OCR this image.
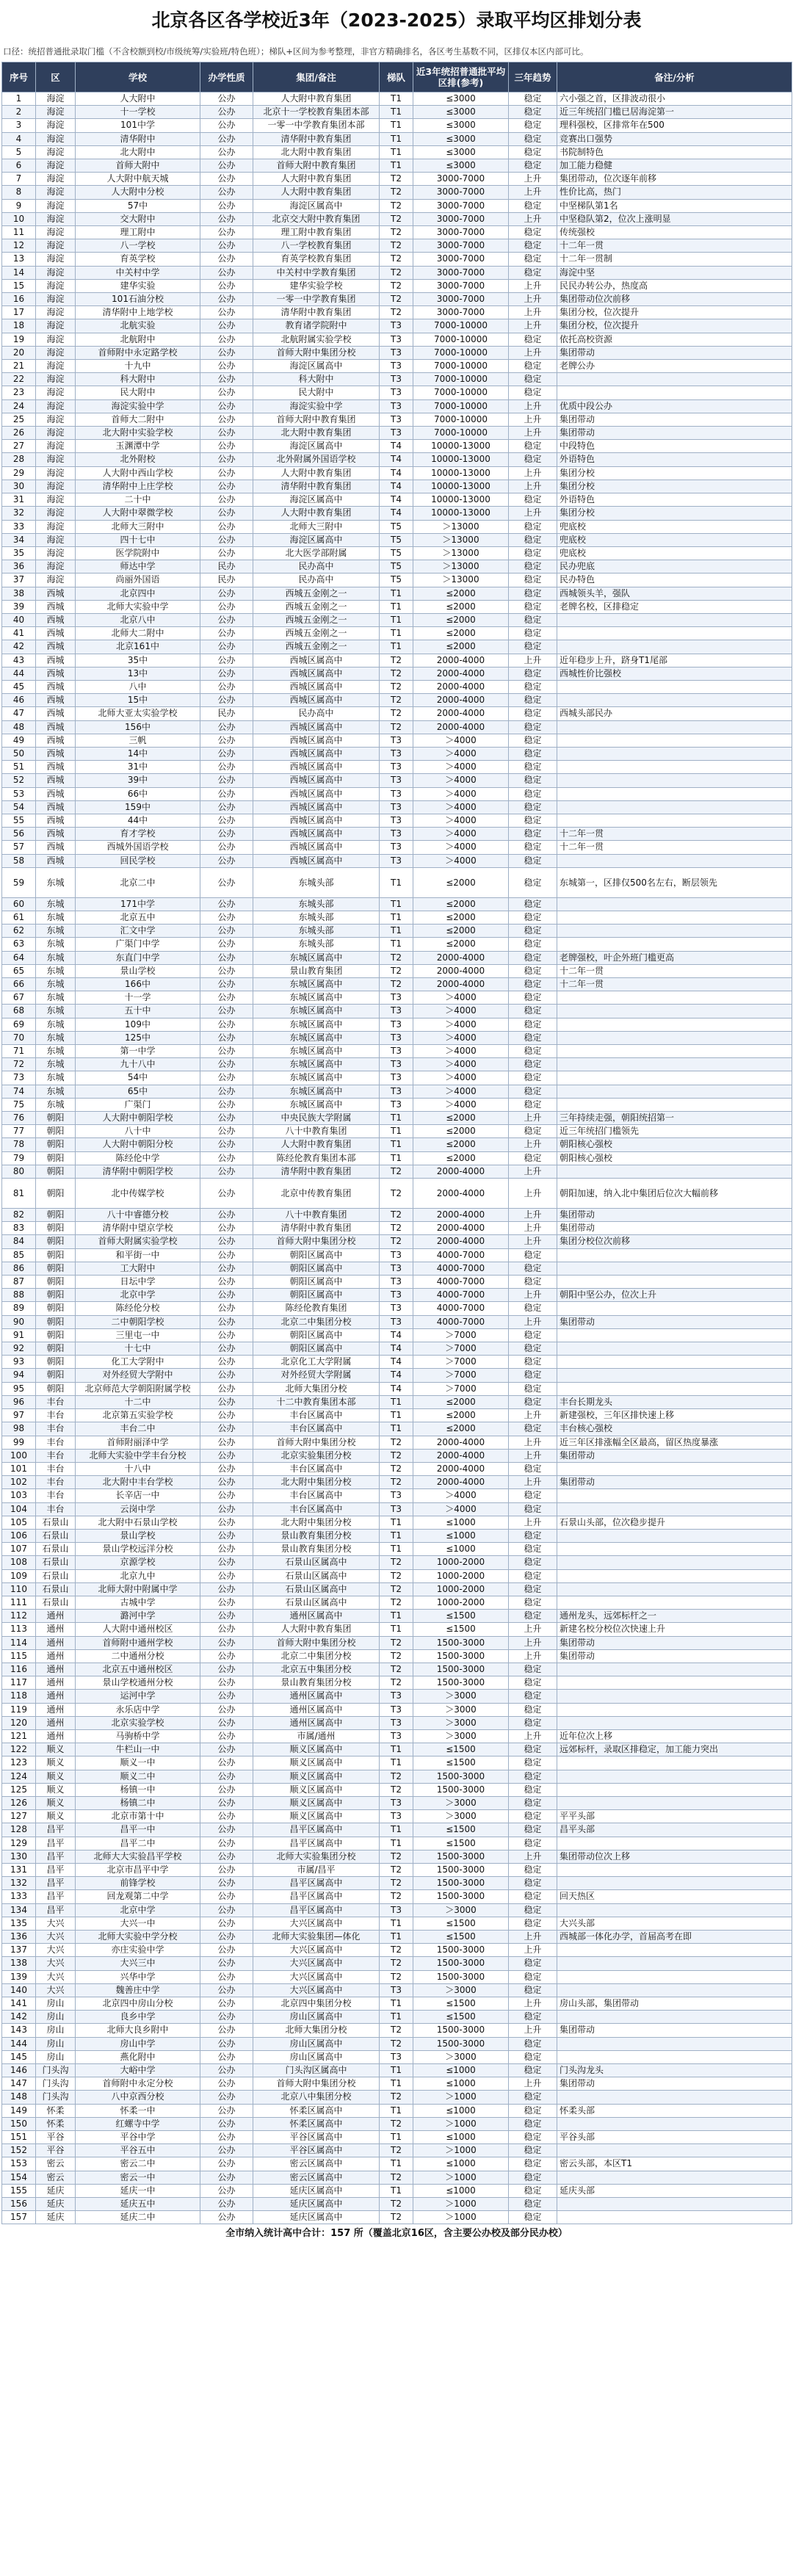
北京各区各学校近3年（2023-2025）录取平均区排划分表
口径：统招普通批录取门槛（不含校额到校/市级统筹/实验班/特色班）；梯队+区间为参考整理，非官方精确排名，各区考生基数不同，区排仅本区内部可比。
序号	区	学校	办学性质	集团/备注	梯队	近3年统招普通批平均区排(参考)	三年趋势	备注/分析
1	海淀	人大附中	公办	人大附中教育集团	T1	≤3000	稳定	六小强之首，区排波动很小
2	海淀	十一学校	公办	北京十一学校教育集团本部	T1	≤3000	稳定	近三年统招门槛已居海淀第一
3	海淀	101中学	公办	一零一中学教育集团本部	T1	≤3000	稳定	理科强校，区排常年在500
4	海淀	清华附中	公办	清华附中教育集团	T1	≤3000	稳定	竞赛出口强势
5	海淀	北大附中	公办	北大附中教育集团	T1	≤3000	稳定	书院制特色
6	海淀	首师大附中	公办	首师大附中教育集团	T1	≤3000	稳定	加工能力稳健
7	海淀	人大附中航天城	公办	人大附中教育集团	T2	3000-7000	上升	集团带动，位次逐年前移
8	海淀	人大附中分校	公办	人大附中教育集团	T2	3000-7000	上升	性价比高，热门
9	海淀	57中	公办	海淀区属高中	T2	3000-7000	稳定	中坚梯队第1名
10	海淀	交大附中	公办	北京交大附中教育集团	T2	3000-7000	上升	中坚稳队第2，位次上涨明显
11	海淀	理工附中	公办	理工附中教育集团	T2	3000-7000	稳定	传统强校
12	海淀	八一学校	公办	八一学校教育集团	T2	3000-7000	稳定	十二年一贯
13	海淀	育英学校	公办	育英学校教育集团	T2	3000-7000	稳定	十二年一贯制
14	海淀	中关村中学	公办	中关村中学教育集团	T2	3000-7000	稳定	海淀中坚
15	海淀	建华实验	公办	建华实验学校	T2	3000-7000	上升	民民办转公办，热度高
16	海淀	101石油分校	公办	一零一中学教育集团	T2	3000-7000	上升	集团带动位次前移
17	海淀	清华附中上地学校	公办	清华附中教育集团	T2	3000-7000	上升	集团分校，位次提升
18	海淀	北航实验	公办	教育诸学院附中	T3	7000-10000	上升	集团分校，位次提升
19	海淀	北航附中	公办	北航附属实验学校	T3	7000-10000	稳定	依托高校资源
20	海淀	首师附中永定路学校	公办	首师大附中集团分校	T3	7000-10000	上升	集团带动
21	海淀	十九中	公办	海淀区属高中	T3	7000-10000	稳定	老牌公办
22	海淀	科大附中	公办	科大附中	T3	7000-10000	稳定	
23	海淀	民大附中	公办	民大附中	T3	7000-10000	稳定	
24	海淀	海淀实验中学	公办	海淀实验中学	T3	7000-10000	上升	优质中段公办
25	海淀	首师大二附中	公办	首师大附中教育集团	T3	7000-10000	上升	集团带动
26	海淀	北大附中实验学校	公办	北大附中教育集团	T3	7000-10000	上升	集团带动
27	海淀	玉渊潭中学	公办	海淀区属高中	T4	10000-13000	稳定	中段特色
28	海淀	北外附校	公办	北外附属外国语学校	T4	10000-13000	稳定	外语特色
29	海淀	人大附中西山学校	公办	人大附中教育集团	T4	10000-13000	上升	集团分校
30	海淀	清华附中上庄学校	公办	清华附中教育集团	T4	10000-13000	上升	集团分校
31	海淀	二十中	公办	海淀区属高中	T4	10000-13000	稳定	外语特色
32	海淀	人大附中翠微学校	公办	人大附中教育集团	T4	10000-13000	上升	集团分校
33	海淀	北师大三附中	公办	北师大三附中	T5	＞13000	稳定	兜底校
34	海淀	四十七中	公办	海淀区属高中	T5	＞13000	稳定	兜底校
35	海淀	医学院附中	公办	北大医学部附属	T5	＞13000	稳定	兜底校
36	海淀	师达中学	民办	民办高中	T5	＞13000	稳定	民办兜底
37	海淀	尚丽外国语	民办	民办高中	T5	＞13000	稳定	民办特色
38	西城	北京四中	公办	西城五金刚之一	T1	≤2000	稳定	西城领头羊，强队
39	西城	北师大实验中学	公办	西城五金刚之一	T1	≤2000	稳定	老牌名校，区排稳定
40	西城	北京八中	公办	西城五金刚之一	T1	≤2000	稳定	
41	西城	北师大二附中	公办	西城五金刚之一	T1	≤2000	稳定	
42	西城	北京161中	公办	西城五金刚之一	T1	≤2000	稳定	
43	西城	35中	公办	西城区属高中	T2	2000-4000	上升	近年稳步上升，跻身T1尾部
44	西城	13中	公办	西城区属高中	T2	2000-4000	稳定	西城性价比强校
45	西城	八中	公办	西城区属高中	T2	2000-4000	稳定	
46	西城	15中	公办	西城区属高中	T2	2000-4000	稳定	
47	西城	北师大亚太实验学校	民办	民办高中	T2	2000-4000	稳定	西城头部民办
48	西城	156中	公办	西城区属高中	T2	2000-4000	稳定	
49	西城	三帆	公办	西城区属高中	T3	＞4000	稳定	
50	西城	14中	公办	西城区属高中	T3	＞4000	稳定	
51	西城	31中	公办	西城区属高中	T3	＞4000	稳定	
52	西城	39中	公办	西城区属高中	T3	＞4000	稳定	
53	西城	66中	公办	西城区属高中	T3	＞4000	稳定	
54	西城	159中	公办	西城区属高中	T3	＞4000	稳定	
55	西城	44中	公办	西城区属高中	T3	＞4000	稳定	
56	西城	育才学校	公办	西城区属高中	T3	＞4000	稳定	十二年一贯
57	西城	西城外国语学校	公办	西城区属高中	T3	＞4000	稳定	十二年一贯
58	西城	回民学校	公办	西城区属高中	T3	＞4000	稳定	
59	东城	北京二中	公办	东城头部	T1	≤2000	稳定	东城第一，区排仅500名左右，断层领先
60	东城	171中学	公办	东城头部	T1	≤2000	稳定	
61	东城	北京五中	公办	东城头部	T1	≤2000	稳定	
62	东城	汇文中学	公办	东城头部	T1	≤2000	稳定	
63	东城	广渠门中学	公办	东城头部	T1	≤2000	稳定	
64	东城	东直门中学	公办	东城区属高中	T2	2000-4000	稳定	老牌强校，叶企外班门槛更高
65	东城	景山学校	公办	景山教育集团	T2	2000-4000	稳定	十二年一贯
66	东城	166中	公办	东城区属高中	T2	2000-4000	稳定	十二年一贯
67	东城	十一学	公办	东城区属高中	T3	＞4000	稳定	
68	东城	五十中	公办	东城区属高中	T3	＞4000	稳定	
69	东城	109中	公办	东城区属高中	T3	＞4000	稳定	
70	东城	125中	公办	东城区属高中	T3	＞4000	稳定	
71	东城	第一中学	公办	东城区属高中	T3	＞4000	稳定	
72	东城	九十八中	公办	东城区属高中	T3	＞4000	稳定	
73	东城	54中	公办	东城区属高中	T3	＞4000	稳定	
74	东城	65中	公办	东城区属高中	T3	＞4000	稳定	
75	东城	广渠门	公办	东城区属高中	T3	＞4000	稳定	
76	朝阳	人大附中朝阳学校	公办	中央民族大学附属	T1	≤2000	上升	三年持续走强，朝阳统招第一
77	朝阳	八十中	公办	八十中教育集团	T1	≤2000	稳定	近三年统招门槛领先
78	朝阳	人大附中朝阳分校	公办	人大附中教育集团	T1	≤2000	上升	朝阳核心强校
79	朝阳	陈经伦中学	公办	陈经伦教育集团本部	T1	≤2000	稳定	朝阳核心强校
80	朝阳	清华附中朝阳学校	公办	清华附中教育集团	T2	2000-4000	上升	
81	朝阳	北中传媒学校	公办	北京中传教育集团	T2	2000-4000	上升	朝阳加速，纳入北中集团后位次大幅前移
82	朝阳	八十中睿德分校	公办	八十中教育集团	T2	2000-4000	上升	集团带动
83	朝阳	清华附中望京学校	公办	清华附中教育集团	T2	2000-4000	上升	集团带动
84	朝阳	首师大附属实验学校	公办	首师大附中集团分校	T2	2000-4000	上升	集团分校位次前移
85	朝阳	和平街一中	公办	朝阳区属高中	T3	4000-7000	稳定	
86	朝阳	工大附中	公办	朝阳区属高中	T3	4000-7000	稳定	
87	朝阳	日坛中学	公办	朝阳区属高中	T3	4000-7000	稳定	
88	朝阳	北京中学	公办	朝阳区属高中	T3	4000-7000	上升	朝阳中坚公办，位次上升
89	朝阳	陈经伦分校	公办	陈经伦教育集团	T3	4000-7000	稳定	
90	朝阳	二中朝阳学校	公办	北京二中集团分校	T3	4000-7000	上升	集团带动
91	朝阳	三里屯一中	公办	朝阳区属高中	T4	＞7000	稳定	
92	朝阳	十七中	公办	朝阳区属高中	T4	＞7000	稳定	
93	朝阳	化工大学附中	公办	北京化工大学附属	T4	＞7000	稳定	
94	朝阳	对外经贸大学附中	公办	对外经贸大学附属	T4	＞7000	稳定	
95	朝阳	北京师范大学朝阳附属学校	公办	北师大集团分校	T4	＞7000	稳定	
96	丰台	十二中	公办	十二中教育集团本部	T1	≤2000	稳定	丰台长期龙头
97	丰台	北京第五实验学校	公办	丰台区属高中	T1	≤2000	上升	新建强校，三年区排快速上移
98	丰台	丰台二中	公办	丰台区属高中	T1	≤2000	稳定	丰台核心强校
99	丰台	首师附丽泽中学	公办	首师大附中集团分校	T2	2000-4000	上升	近三年区排涨幅全区最高，留区热度暴涨
100	丰台	北师大实验中学丰台分校	公办	北京实验集团分校	T2	2000-4000	上升	集团带动
101	丰台	十八中	公办	丰台区属高中	T2	2000-4000	稳定	
102	丰台	北大附中丰台学校	公办	北大附中集团分校	T2	2000-4000	上升	集团带动
103	丰台	长辛店一中	公办	丰台区属高中	T3	＞4000	稳定	
104	丰台	云岗中学	公办	丰台区属高中	T3	＞4000	稳定	
105	石景山	北大附中石景山学校	公办	北大附中集团分校	T1	≤1000	上升	石景山头部，位次稳步提升
106	石景山	景山学校	公办	景山教育集团分校	T1	≤1000	稳定	
107	石景山	景山学校远洋分校	公办	景山教育集团分校	T1	≤1000	稳定	
108	石景山	京源学校	公办	石景山区属高中	T2	1000-2000	稳定	
109	石景山	北京九中	公办	石景山区属高中	T2	1000-2000	稳定	
110	石景山	北师大附中附属中学	公办	石景山区属高中	T2	1000-2000	稳定	
111	石景山	古城中学	公办	石景山区属高中	T2	1000-2000	稳定	
112	通州	潞河中学	公办	通州区属高中	T1	≤1500	稳定	通州龙头，远郊标杆之一
113	通州	人大附中通州校区	公办	人大附中教育集团	T1	≤1500	上升	新建名校分校位次快速上升
114	通州	首师附中通州学校	公办	首师大附中集团分校	T2	1500-3000	上升	集团带动
115	通州	二中通州分校	公办	北京二中集团分校	T2	1500-3000	上升	集团带动
116	通州	北京五中通州校区	公办	北京五中集团分校	T2	1500-3000	稳定	
117	通州	景山学校通州分校	公办	景山教育集团分校	T2	1500-3000	稳定	
118	通州	运河中学	公办	通州区属高中	T3	＞3000	稳定	
119	通州	永乐店中学	公办	通州区属高中	T3	＞3000	稳定	
120	通州	北京实验学校	公办	通州区属高中	T3	＞3000	稳定	
121	通州	马驹桥中学	公办	市属/通州	T3	＞3000	上升	近年位次上移
122	顺义	牛栏山一中	公办	顺义区属高中	T1	≤1500	稳定	远郊标杆，录取区排稳定，加工能力突出
123	顺义	顺义一中	公办	顺义区属高中	T1	≤1500	稳定	
124	顺义	顺义二中	公办	顺义区属高中	T2	1500-3000	稳定	
125	顺义	杨镇一中	公办	顺义区属高中	T2	1500-3000	稳定	
126	顺义	杨镇二中	公办	顺义区属高中	T3	＞3000	稳定	
127	顺义	北京市第十中	公办	顺义区属高中	T3	＞3000	稳定	平平头部
128	昌平	昌平一中	公办	昌平区属高中	T1	≤1500	稳定	昌平头部
129	昌平	昌平二中	公办	昌平区属高中	T1	≤1500	稳定	
130	昌平	北师大大实验昌平学校	公办	北师大实验集团分校	T2	1500-3000	上升	集团带动位次上移
131	昌平	北京市昌平中学	公办	市属/昌平	T2	1500-3000	稳定	
132	昌平	前锋学校	公办	昌平区属高中	T2	1500-3000	稳定	
133	昌平	回龙观第二中学	公办	昌平区属高中	T2	1500-3000	稳定	回天热区
134	昌平	北京中学	公办	昌平区属高中	T3	＞3000	稳定	
135	大兴	大兴一中	公办	大兴区属高中	T1	≤1500	稳定	大兴头部
136	大兴	北师大实验中学分校	公办	北师大实验集团—体化	T1	≤1500	上升	西城部一体化办学，首届高考在即
137	大兴	亦庄实验中学	公办	大兴区属高中	T2	1500-3000	上升	
138	大兴	大兴三中	公办	大兴区属高中	T2	1500-3000	稳定	
139	大兴	兴华中学	公办	大兴区属高中	T2	1500-3000	稳定	
140	大兴	魏善庄中学	公办	大兴区属高中	T3	＞3000	稳定	
141	房山	北京四中房山分校	公办	北京四中集团分校	T1	≤1500	上升	房山头部，集团带动
142	房山	良乡中学	公办	房山区属高中	T1	≤1500	稳定	
143	房山	北师大良乡附中	公办	北师大集团分校	T2	1500-3000	上升	集团带动
144	房山	房山中学	公办	房山区属高中	T2	1500-3000	稳定	
145	房山	燕化附中	公办	房山区属高中	T3	＞3000	稳定	
146	门头沟	大峪中学	公办	门头沟区属高中	T1	≤1000	稳定	门头沟龙头
147	门头沟	首师附中永定分校	公办	首师大附中集团分校	T1	≤1000	上升	集团带动
148	门头沟	八中京西分校	公办	北京八中集团分校	T2	＞1000	稳定	
149	怀柔	怀柔一中	公办	怀柔区属高中	T1	≤1000	稳定	怀柔头部
150	怀柔	红螺寺中学	公办	怀柔区属高中	T2	＞1000	稳定	
151	平谷	平谷中学	公办	平谷区属高中	T1	≤1000	稳定	平谷头部
152	平谷	平谷五中	公办	平谷区属高中	T2	＞1000	稳定	
153	密云	密云二中	公办	密云区属高中	T1	≤1000	稳定	密云头部，本区T1
154	密云	密云一中	公办	密云区属高中	T2	＞1000	稳定	
155	延庆	延庆一中	公办	延庆区属高中	T1	≤1000	稳定	延庆头部
156	延庆	延庆五中	公办	延庆区属高中	T2	＞1000	稳定	
157	延庆	延庆二中	公办	延庆区属高中	T2	＞1000	稳定	
全市纳入统计高中合计：157 所（覆盖北京16区，含主要公办校及部分民办校）
